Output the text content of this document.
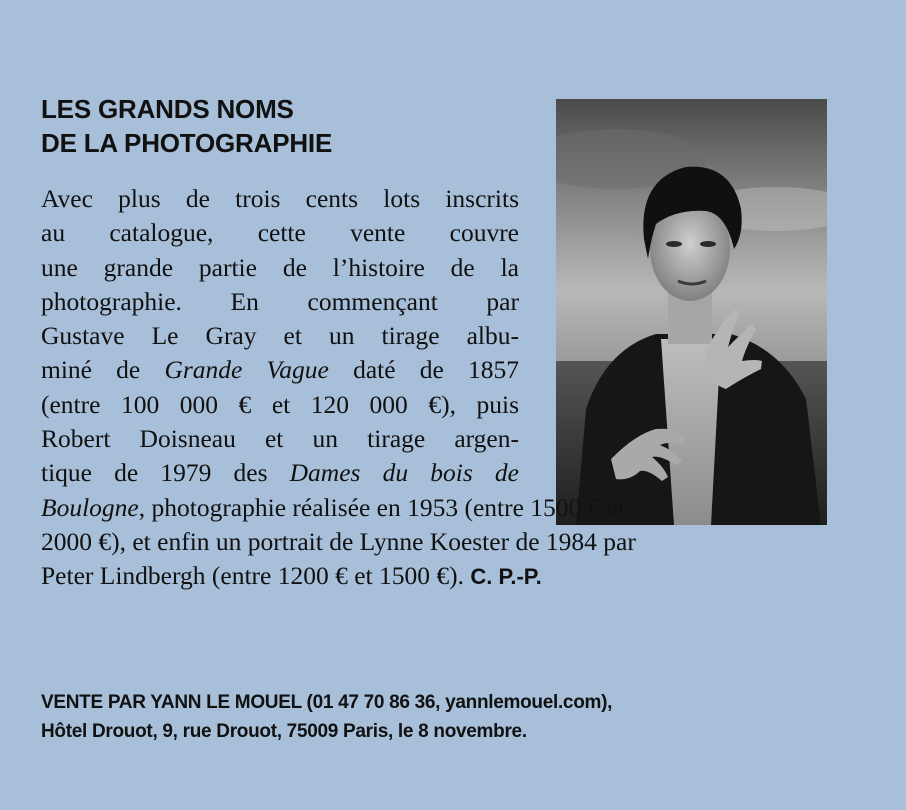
LES GRANDS NOMS
DE LA PHOTOGRAPHIE
Avec plus de trois cents lots inscrits
au catalogue, cette vente couvre
une grande partie de l’histoire de la
photographie. En commençant par
Gustave Le Gray et un tirage albu-
miné de Grande Vague daté de 1857
(entre 100 000 € et 120 000 €), puis
Robert Doisneau et un tirage argen-
tique de 1979 des Dames du bois de
Boulogne, photographie réalisée en 1953 (entre 1500 € et
2000 €), et enfin un portrait de Lynne Koester de 1984 par
Peter Lindbergh (entre 1200 € et 1500 €). C. P.-P.
VENTE PAR YANN LE MOUEL (01 47 70 86 36, yannlemouel.com),
Hôtel Drouot, 9, rue Drouot, 75009 Paris, le 8 novembre.
